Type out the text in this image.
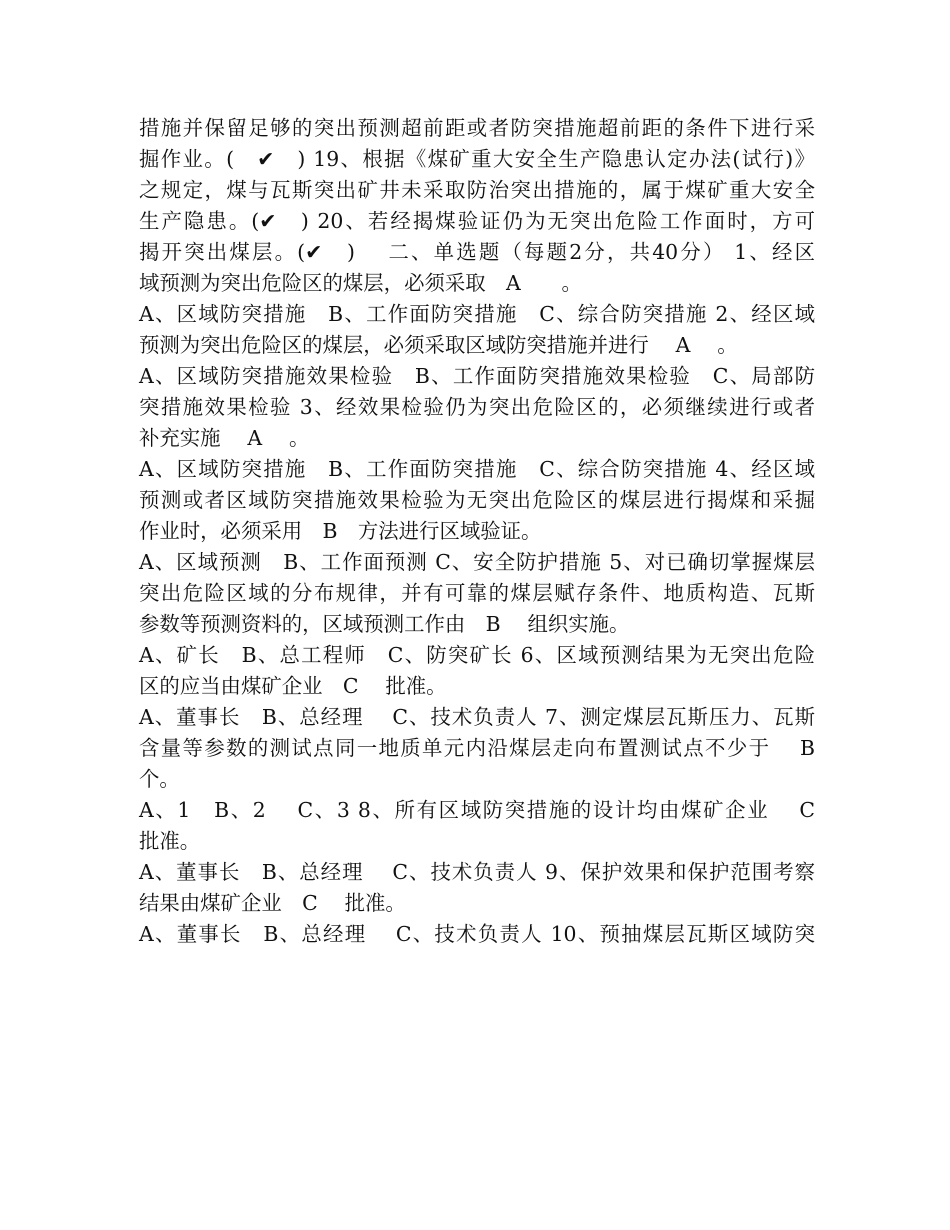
措施并保留足够的突出预测超前距或者防突措施超前距的条件下进行采
掘作业。(　✔　) 19、根据《煤矿重大安全生产隐患认定办法(试行)》
之规定，煤与瓦斯突出矿井未采取防治突出措施的，属于煤矿重大安全
生产隐患。(✔　) 20、若经揭煤验证仍为无突出危险工作面时，方可
揭开突出煤层。(✔　)　 二、单选题（每题2分，共40分） 1、经区
域预测为突出危险区的煤层，必须采取　A　　。
A、区域防突措施　B、工作面防突措施　C、综合防突措施 2、经区域
预测为突出危险区的煤层，必须采取区域防突措施并进行　 A　 。
A、区域防突措施效果检验　B、工作面防突措施效果检验　C、局部防
突措施效果检验 3、经效果检验仍为突出危险区的，必须继续进行或者
补充实施　 A　 。
A、区域防突措施　B、工作面防突措施　C、综合防突措施 4、经区域
预测或者区域防突措施效果检验为无突出危险区的煤层进行揭煤和采掘
作业时，必须采用　B　方法进行区域验证。
A、区域预测　B、工作面预测 C、安全防护措施 5、对已确切掌握煤层
突出危险区域的分布规律，并有可靠的煤层赋存条件、地质构造、瓦斯
参数等预测资料的，区域预测工作由　B　 组织实施。
A、矿长　B、总工程师　C、防突矿长 6、区域预测结果为无突出危险
区的应当由煤矿企业　C　 批准。
A、董事长　B、总经理　 C、技术负责人 7、测定煤层瓦斯压力、瓦斯
含量等参数的测试点同一地质单元内沿煤层走向布置测试点不少于　 B
个。
A、1　B、2　 C、3 8、所有区域防突措施的设计均由煤矿企业　 C
批准。
A、董事长　B、总经理　 C、技术负责人 9、保护效果和保护范围考察
结果由煤矿企业　C　 批准。
A、董事长　B、总经理　 C、技术负责人 10、预抽煤层瓦斯区域防突
